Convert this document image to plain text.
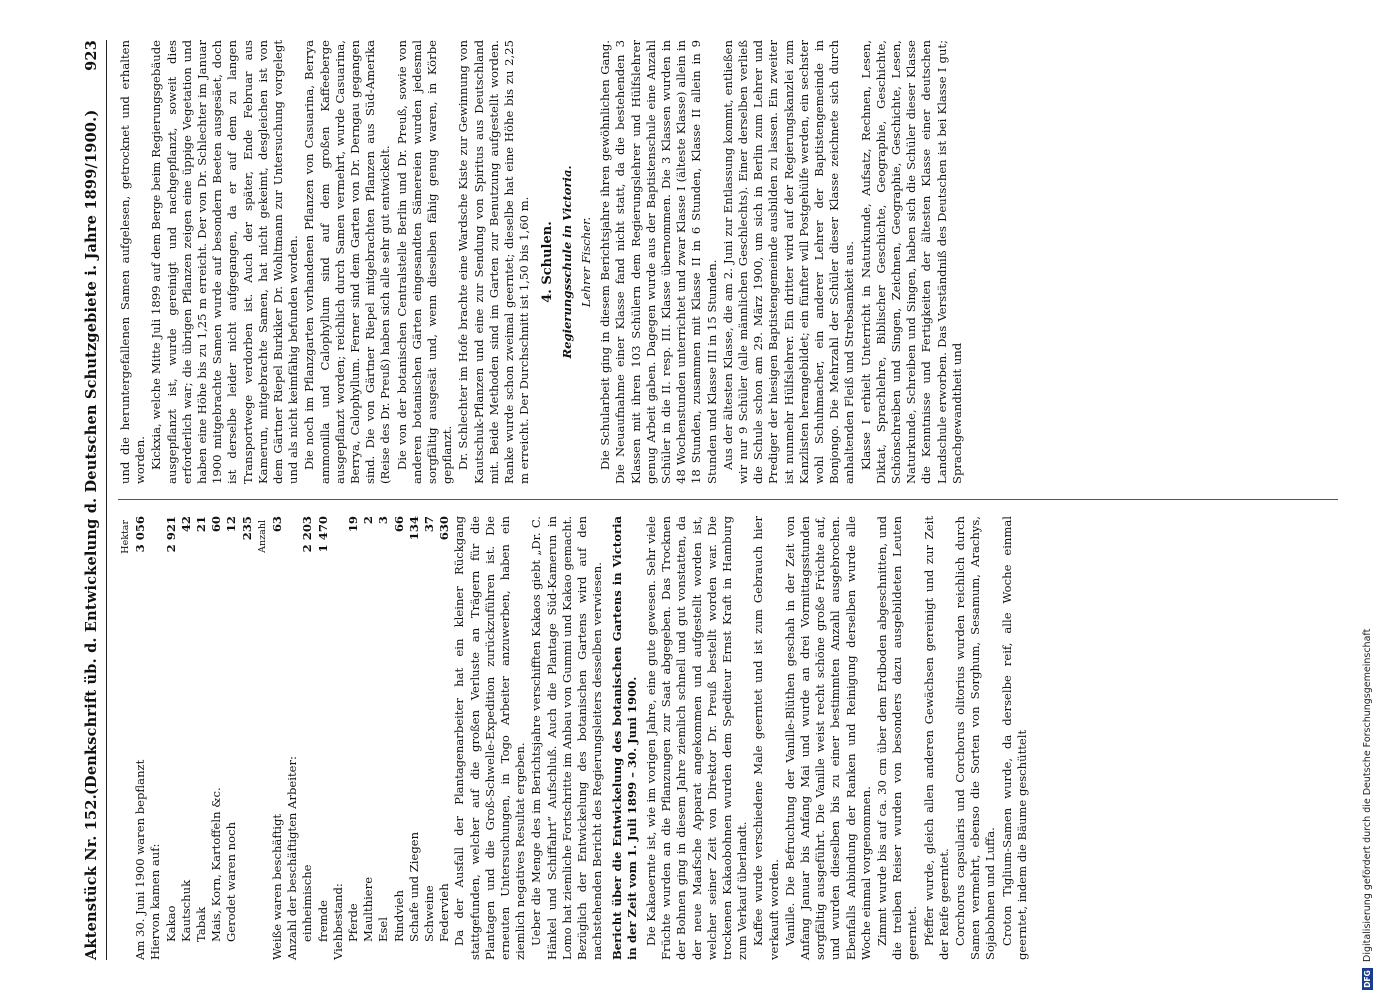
Aktenstück Nr. 152.
(Denkschrift üb. d. Entwickelung d. Deutschen Schutzgebiete i. Jahre 1899/1900.)
923
Hektar
Am 30. Juni 1900 waren bepflanzt
3 056
Hiervon kamen auf: Kakao
2 921
Kautschuk
42
Tabak
21
Mais, Korn, Kartoffeln &c.
60
Gerodet waren noch
12 235 Anzahl
Weiße waren beschäftigt
63
Anzahl der beschäftigten Arbeiter: einheimische
2 203
fremde
1 470
Viehbestand: Pferde
19
Maulthiere
2
Esel
3
Rindvieh
66
Schafe und Ziegen
134
Schweine
37
Federvieh
630 Da der Ausfall der Plantagenarbeiter hat ein kleiner Rückgang stattgefunden, welcher auf die großen Verluste an Trägern für die Plantagen und die Groß-Schwelle-Expedition zurückzuführen ist. Die erneuten Untersuchungen, in Togo Arbeiter anzuwerben, haben ein ziemlich negatives Resultat ergeben. Ueber die Menge des im Berichtsjahre verschifften Kakaos giebt „Dr. C. Hänkel und Schiffahrt“ Aufschluß. Auch die Plantage Süd-Kamerun in Lomo hat ziemliche Fortschritte im Anbau von Gummi und Kakao gemacht. Bezüglich der Entwickelung des botanischen Gartens wird auf den nachstehenden Bericht des Regierungsleiters desselben verwiesen. Bericht über die Entwickelung des botanischen Gartens in Victoria in der Zeit vom 1. Juli 1899 – 30. Juni 1900. Die Kakaoernte ist, wie im vorigen Jahre, eine gute gewesen. Sehr viele Früchte wurden an die Pflanzungen zur Saat abgegeben. Das Trocknen der Bohnen ging in diesem Jahre ziemlich schnell und gut vonstatten, da der neue Maafsche Apparat angekommen und aufgestellt worden ist, welcher seiner Zeit von Direktor Dr. Preuß bestellt worden war. Die trockenen Kakaobohnen wurden dem Spediteur Ernst Kraft in Hamburg zum Verkauf überlandt. Kaffee wurde verschiedene Male geerntet und ist zum Gebrauch hier verkauft worden. Vanille. Die Befruchtung der Vanille-Blüthen geschah in der Zeit von Anfang Januar bis Anfang Mai und wurde an drei Vormittagsstunden sorgfältig ausgeführt. Die Vanille weist recht schöne große Früchte auf, und wurden dieselben bis zu einer bestimmten Anzahl ausgebrochen. Ebenfalls Anbindung der Ranken und Reinigung derselben wurde alle Woche einmal vorgenommen. Zimmt wurde bis auf ca. 30 cm über dem Erdboden abgeschnitten, und die treiben Reiser wurden von besonders dazu ausgebildeten Leuten geerntet. Pfeffer wurde, gleich allen anderen Gewächsen gereinigt und zur Zeit der Reife geerntet. Corchorus capsularis und Corchorus olitorius wurden reichlich durch Samen vermehrt, ebenso die Sorten von Sorghum, Sesamum, Arachys, Sojabohnen und Luffa. Croton Tiglium-Samen wurde, da derselbe reif, alle Woche einmal geerntet, indem die Bäume geschüttelt

und die heruntergefallenen Samen aufgelesen, getrocknet und erhalten worden. Kickxia, welche Mitte Juli 1899 auf dem Berge beim Regierungsgebäude ausgepflanzt ist, wurde gereinigt und nachgepflanzt, soweit dies erforderlich war; die übrigen Pflanzen zeigen eine üppige Vegetation und haben eine Höhe bis zu 1,25 m erreicht. Der von Dr. Schlechter im Januar 1900 mitgebrachte Samen wurde auf besondern Beeten ausgesäet, doch ist derselbe leider nicht aufgegangen, da er auf dem zu langen Transportwege verdorben ist. Auch der später, Ende Februar aus Kamerun, mitgebrachte Samen, hat nicht gekeimt, desgleichen ist von dem Gärtner Riepel Burkiker Dr. Wohltmann zur Untersuchung vorgelegt und als nicht keimfähig befunden worden. Die noch im Pflanzgarten vorhandenen Pflanzen von Casuarina, Berrya ammonilla und Calophyllum sind auf dem großen Kaffeeberge ausgepflanzt worden; reichlich durch Samen vermehrt, wurde Casuarina, Berrya, Calophyllum. Ferner sind dem Garten von Dr. Derngau gegangen sind. Die von Gärtner Riepel mitgebrachten Pflanzen aus Süd-Amerika (Reise des Dr. Preuß) haben sich alle sehr gut entwickelt. Die von der botanischen Centralstelle Berlin und Dr. Preuß, sowie von anderen botanischen Gärten eingesandten Sämereien wurden jedesmal sorgfältig ausgesät und, wenn dieselben fähig genug waren, in Körbe gepflanzt. Dr. Schlechter im Hofe brachte eine Wardsche Kiste zur Gewinnung von Kautschuk-Pflanzen und eine zur Sendung von Spiritus aus Deutschland mit. Beide Methoden sind im Garten zur Benutzung aufgestellt worden. Ranke wurde schon zweimal geerntet; dieselbe hat eine Höhe bis zu 2,25 m erreicht. Der Durchschnitt ist 1,50 bis 1,60 m. 4. Schulen. Regierungsschule in Victoria. Lehrer Fischer. Die Schularbeit ging in diesem Berichtsjahre ihren gewöhnlichen Gang. Die Neuaufnahme einer Klasse fand nicht statt, da die bestehenden 3 Klassen mit ihren 103 Schülern dem Regierungslehrer und Hülfslehrer genug Arbeit gaben. Dagegen wurde aus der Baptistenschule eine Anzahl Schüler in die II. resp. III. Klasse übernommen. Die 3 Klassen wurden in 48 Wochenstunden unterrichtet und zwar Klasse I (älteste Klasse) allein in 18 Stunden, zusammen mit Klasse II in 6 Stunden, Klasse II allein in 9 Stunden und Klasse III in 15 Stunden. Aus der ältesten Klasse, die am 2. Juni zur Entlassung kommt, entließen wir nur 9 Schüler (alle männlichen Geschlechts). Einer derselben verließ die Schule schon am 29. März 1900, um sich in Berlin zum Lehrer und Prediger der hiesigen Baptistengemeinde ausbilden zu lassen. Ein zweiter ist nunmehr Hülfslehrer. Ein dritter wird auf der Regierungskanzlei zum Kanzlisten herangebildet; ein fünfter will Postgehülfe werden, ein sechster wohl Schuhmacher, ein anderer Lehrer der Baptistengemeinde in Bonjongo. Die Mehrzahl der Schüler dieser Klasse zeichnete sich durch anhaltenden Fleiß und Strebsamkeit aus. Klasse I erhielt Unterricht in Naturkunde, Aufsatz, Rechnen, Lesen, Diktat, Sprachlehre, Biblischer Geschichte, Geographie, Geschichte, Schönschreiben und Singen, Zeichnen, Geographie, Geschichte, Lesen, Naturkunde, Schreiben und Singen, haben sich die Schüler dieser Klasse die Kenntnisse und Fertigkeiten der ältesten Klasse einer deutschen Landschule erworben. Das Verständniß des Deutschen ist bei Klasse I gut; Sprachgewandtheit und

DFGDigitalisierung gefördert durch die Deutsche Forschungsgemeinschaft
